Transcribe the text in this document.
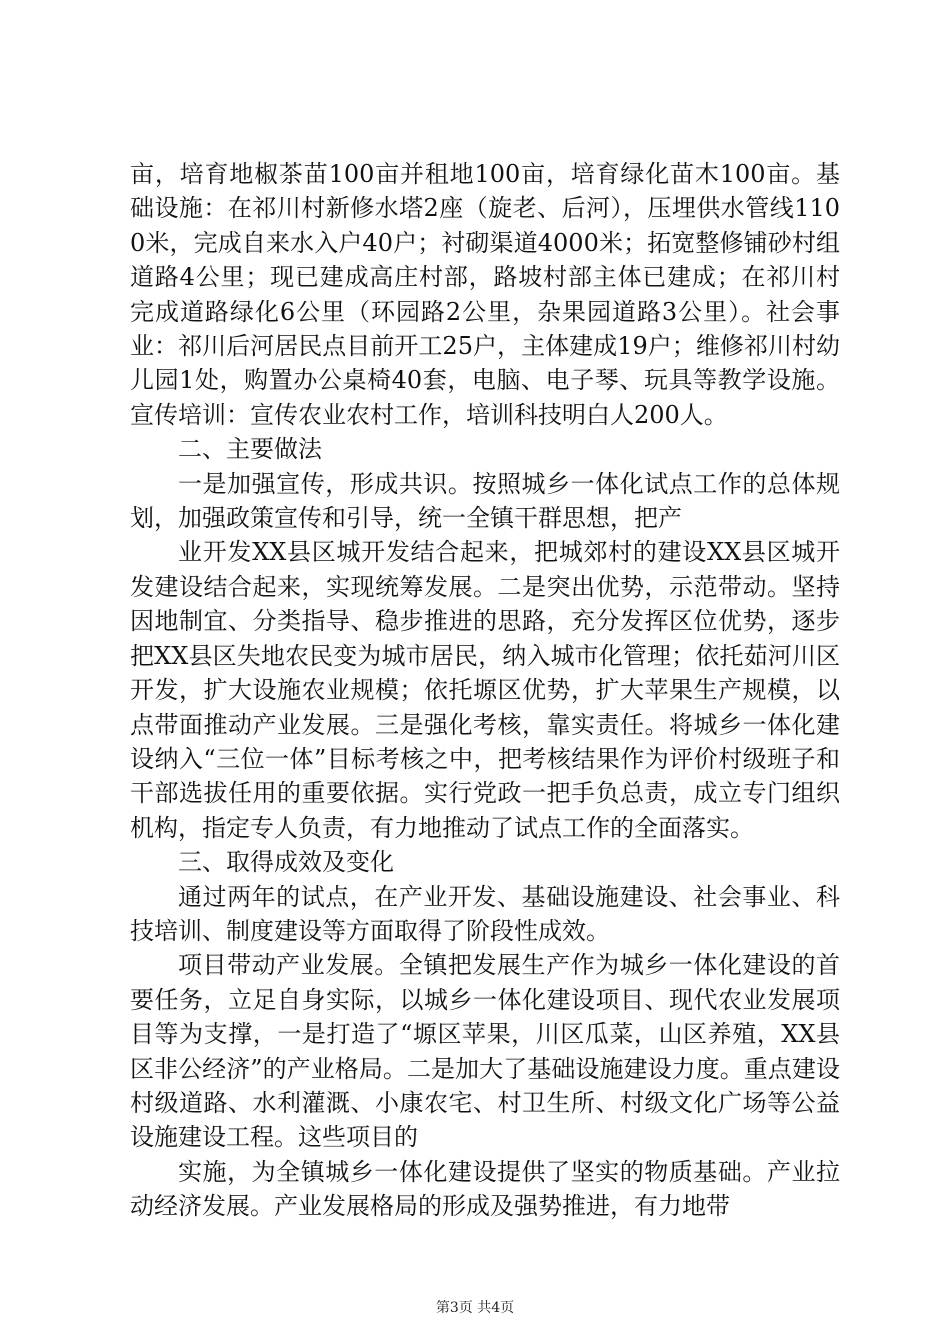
亩，培育地椒茶苗100亩并租地100亩，培育绿化苗木100亩。基础设施：在祁川村新修水塔2座（旋老、后河），压埋供水管线1100米，完成自来水入户40户；衬砌渠道4000米；拓宽整修铺砂村组道路4公里；现已建成高庄村部，路坡村部主体已建成；在祁川村完成道路绿化6公里（环园路2公里，杂果园道路3公里）。社会事业：祁川后河居民点目前开工25户，主体建成19户；维修祁川村幼儿园1处，购置办公桌椅40套，电脑、电子琴、玩具等教学设施。宣传培训：宣传农业农村工作，培训科技明白人200人。

二、主要做法

一是加强宣传，形成共识。按照城乡一体化试点工作的总体规划，加强政策宣传和引导，统一全镇干群思想，把产

业开发XX县区城开发结合起来，把城郊村的建设XX县区城开发建设结合起来，实现统筹发展。二是突出优势，示范带动。坚持因地制宜、分类指导、稳步推进的思路，充分发挥区位优势，逐步把XX县区失地农民变为城市居民，纳入城市化管理；依托茹河川区开发，扩大设施农业规模；依托塬区优势，扩大苹果生产规模，以点带面推动产业发展。三是强化考核，靠实责任。将城乡一体化建设纳入“三位一体”目标考核之中，把考核结果作为评价村级班子和干部选拔任用的重要依据。实行党政一把手负总责，成立专门组织机构，指定专人负责，有力地推动了试点工作的全面落实。

三、取得成效及变化

通过两年的试点，在产业开发、基础设施建设、社会事业、科技培训、制度建设等方面取得了阶段性成效。

项目带动产业发展。全镇把发展生产作为城乡一体化建设的首要任务，立足自身实际，以城乡一体化建设项目、现代农业发展项目等为支撑，一是打造了“塬区苹果，川区瓜菜，山区养殖，XX县区非公经济”的产业格局。二是加大了基础设施建设力度。重点建设村级道路、水利灌溉、小康农宅、村卫生所、村级文化广场等公益设施建设工程。这些项目的

实施，为全镇城乡一体化建设提供了坚实的物质基础。产业拉动经济发展。产业发展格局的形成及强势推进，有力地带

第3页 共4页
